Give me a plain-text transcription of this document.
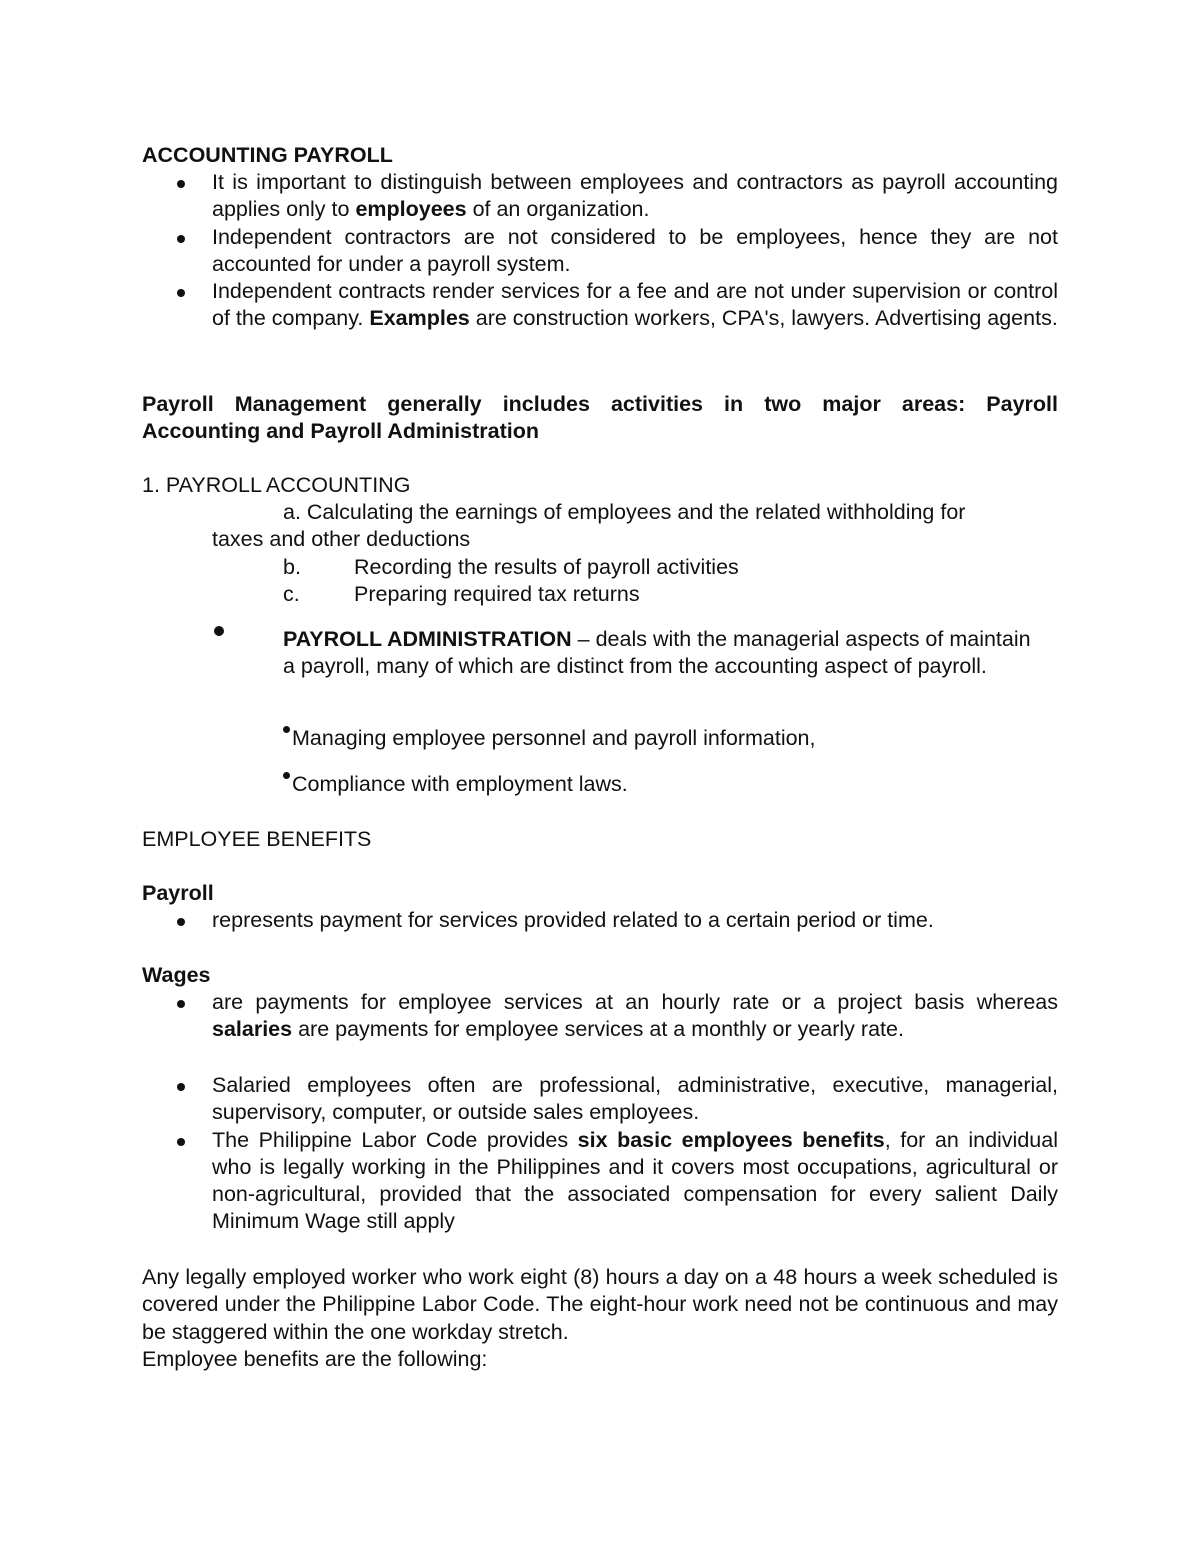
ACCOUNTING PAYROLL
It is important to distinguish between employees and contractors as payroll accounting applies only to employees of an organization.
Independent contractors are not considered to be employees, hence they are not accounted for under a payroll system.
Independent contracts render services for a fee and are not under supervision or control of the company. Examples are construction workers, CPA's, lawyers. Advertising agents.
Payroll Management generally includes activities in two major areas: Payroll
Accounting and Payroll Administration
1. PAYROLL ACCOUNTING
a. Calculating the earnings of employees and the related withholding for
taxes and other deductions
b. Recording the results of payroll activities
c.	Preparing required tax returns
PAYROLL ADMINISTRATION – deals with the managerial aspects of maintain a payroll, many of which are distinct from the accounting aspect of payroll.
Managing employee personnel and payroll information,
Compliance with employment laws.
EMPLOYEE BENEFITS
Payroll
represents payment for services provided related to a certain period or time.
Wages
are payments for employee services at an hourly rate or a project basis whereas salaries are payments for employee services at a monthly or yearly rate.
Salaried employees often are professional, administrative, executive, managerial, supervisory, computer, or outside sales employees.
The Philippine Labor Code provides six basic employees benefits, for an individual who is legally working in the Philippines and it covers most occupations, agricultural or non-agricultural, provided that the associated compensation for every salient Daily Minimum Wage still apply
Any legally employed worker who work eight (8) hours a day on a 48 hours a week scheduled is covered under the Philippine Labor Code. The eight-hour work need not be continuous and may be staggered within the one workday stretch.
Employee benefits are the following:
